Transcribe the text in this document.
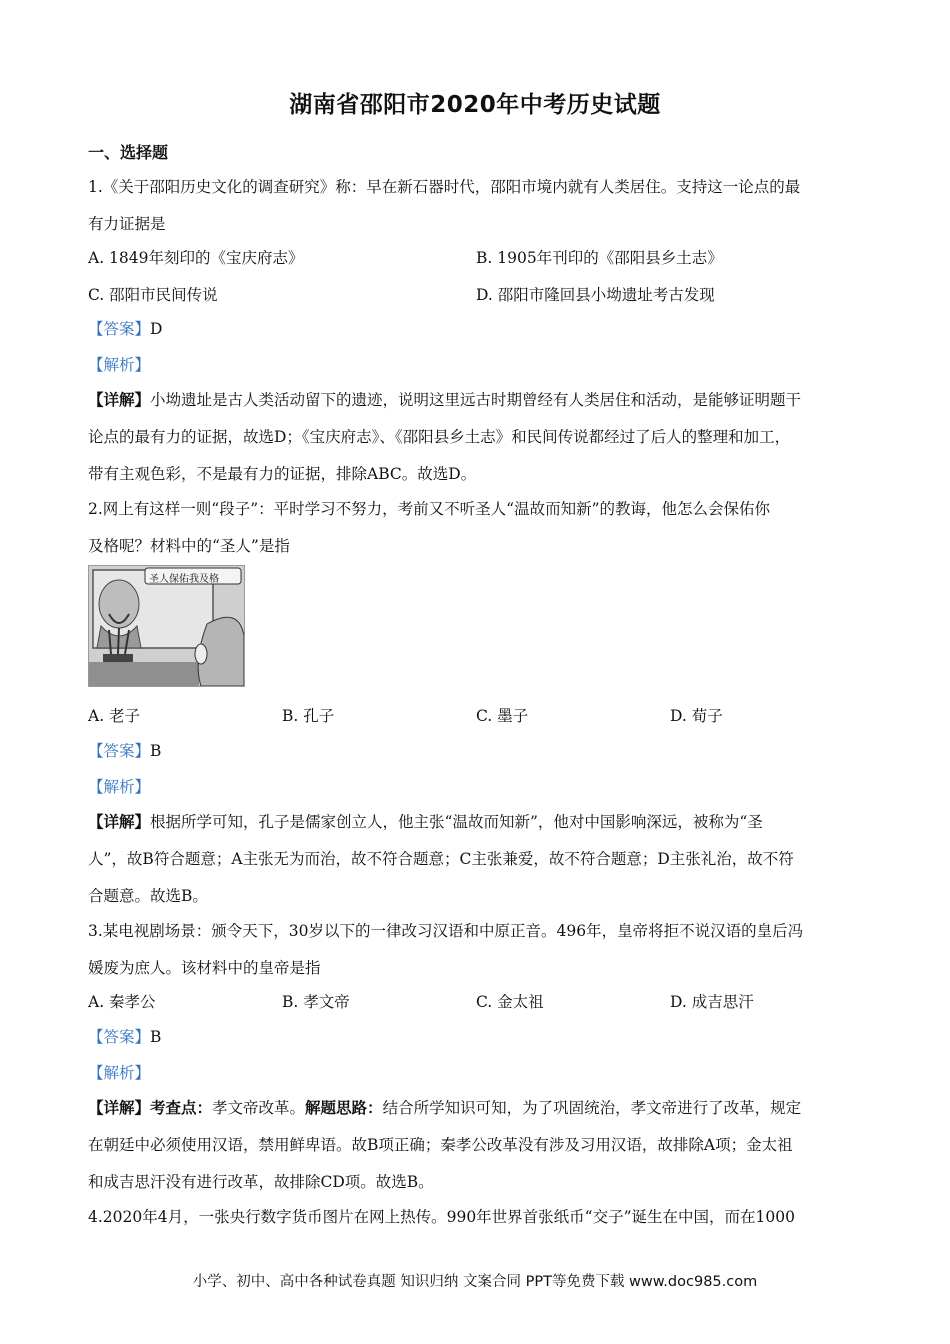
湖南省邵阳市2020年中考历史试题
一、选择题
1.《关于邵阳历史文化的调查研究》称：早在新石器时代，邵阳市境内就有人类居住。支持这一论点的最
有力证据是
A. 1849年刻印的《宝庆府志》	B. 1905年刊印的《邵阳县乡土志》
C. 邵阳市民间传说	D. 邵阳市隆回县小坳遗址考古发现
【答案】D
【解析】
【详解】小坳遗址是古人类活动留下的遗迹，说明这里远古时期曾经有人类居住和活动，是能够证明题干
论点的最有力的证据，故选D；《宝庆府志》、《邵阳县乡土志》和民间传说都经过了后人的整理和加工，
带有主观色彩，不是最有力的证据，排除ABC。故选D。
2.网上有这样一则“段子”：平时学习不努力，考前又不听圣人“温故而知新”的教诲，他怎么会保佑你
及格呢？材料中的“圣人”是指
圣人保佑我及格
A. 老子	B. 孔子	C. 墨子	D. 荀子
【答案】B
【解析】
【详解】根据所学可知，孔子是儒家创立人，他主张“温故而知新”，他对中国影响深远，被称为“圣
人”，故B符合题意；A主张无为而治，故不符合题意；C主张兼爱，故不符合题意；D主张礼治，故不符
合题意。故选B。
3.某电视剧场景：颁令天下，30岁以下的一律改习汉语和中原正音。496年，皇帝将拒不说汉语的皇后冯
媛废为庶人。该材料中的皇帝是指
A. 秦孝公	B. 孝文帝	C. 金太祖	D. 成吉思汗
【答案】B
【解析】
【详解】考查点：孝文帝改革。解题思路：结合所学知识可知，为了巩固统治，孝文帝进行了改革，规定
在朝廷中必须使用汉语，禁用鲜卑语。故B项正确；秦孝公改革没有涉及习用汉语，故排除A项；金太祖
和成吉思汗没有进行改革，故排除CD项。故选B。
4.2020年4月，一张央行数字货币图片在网上热传。990年世界首张纸币“交子”诞生在中国，而在1000
小学、初中、高中各种试卷真题 知识归纳 文案合同 PPT等免费下载 www.doc985.com
